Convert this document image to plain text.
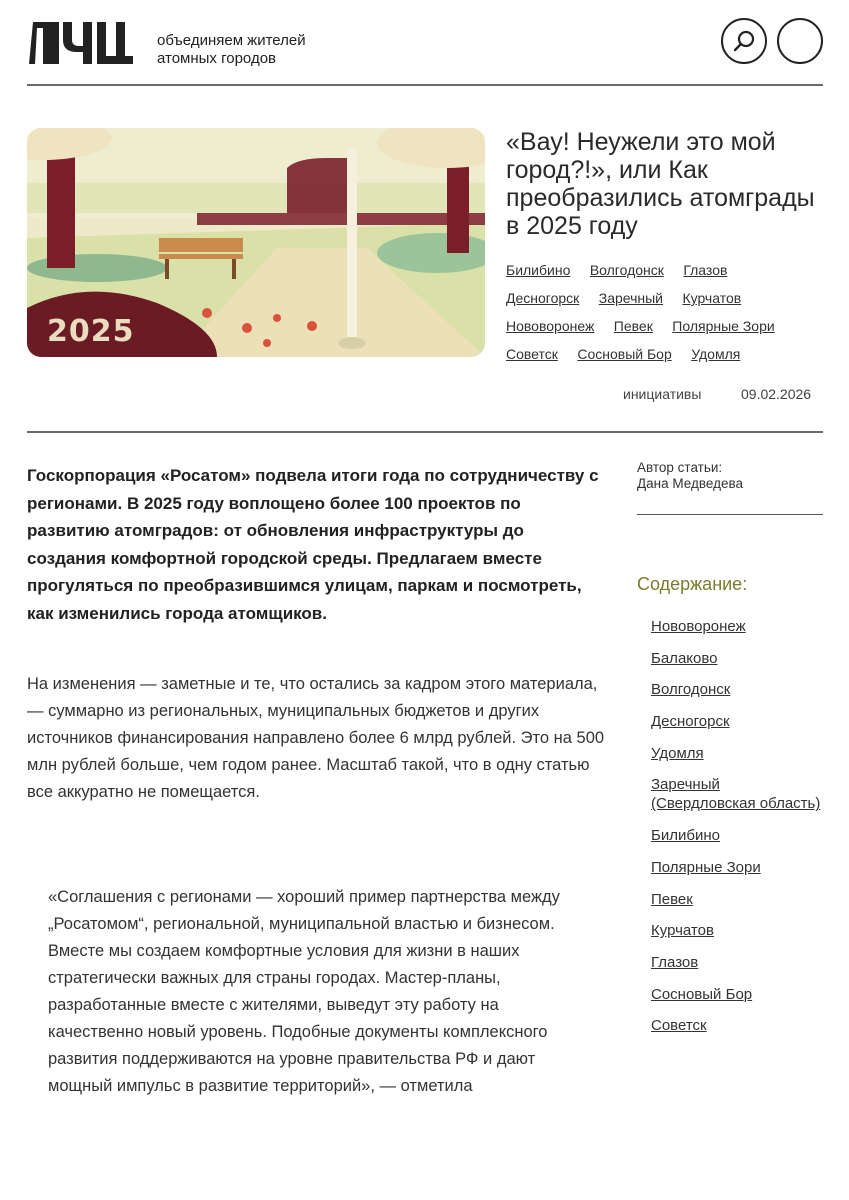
объединяем жителей
атомных городов
2025
«Вау! Неужели это мой город?!», или Как преобразились атомграды в 2025 году
Билибино Волгодонск Глазов
Десногорск Заречный Курчатов
Нововоронеж Певек Полярные Зори
Советск Сосновый Бор Удомля
инициативы	09.02.2026

Госкорпорация «Росатом» подвела итоги года по сотрудничеству с регионами. В 2025 году воплощено более 100 проектов по развитию атомградов: от обновления инфраструктуры до создания комфортной городской среды. Предлагаем вместе прогуляться по преобразившимся улицам, паркам и посмотреть, как изменились города атомщиков.

На изменения — заметные и те, что остались за кадром этого материала, — суммарно из региональных, муниципальных бюджетов и других источников финансирования направлено более 6 млрд рублей. Это на 500 млн рублей больше, чем годом ранее. Масштаб такой, что в одну статью все аккуратно не помещается.

«Соглашения с регионами — хороший пример партнерства между „Росатомом“, региональной, муниципальной властью и бизнесом. Вместе мы создаем комфортные условия для жизни в наших стратегически важных для страны городах. Мастер-планы, разработанные вместе с жителями, выведут эту работу на качественно новый уровень. Подобные документы комплексного развития поддерживаются на уровне правительства РФ и дают мощный импульс в развитие территорий», — отметила

Автор статьи:
Дана Медведева
Содержание:
Нововоронеж
Балаково
Волгодонск
Десногорск
Удомля
Заречный (Свердловская область)
Билибино
Полярные Зори
Певек
Курчатов
Глазов
Сосновый Бор
Советск
